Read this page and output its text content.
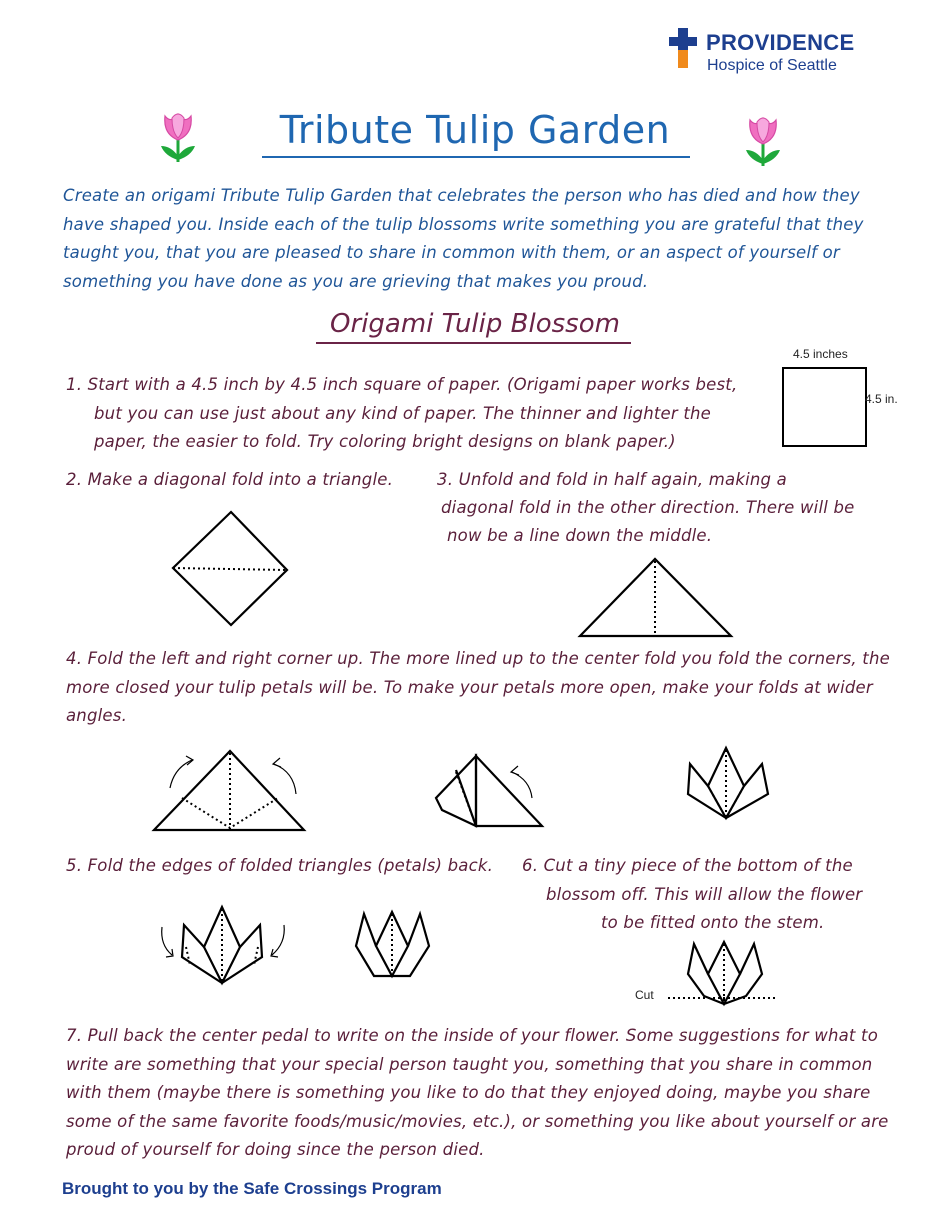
PROVIDENCE
Hospice of Seattle
Tribute Tulip Garden
Create an origami Tribute Tulip Garden that celebrates the person who has died and how they have shaped you. Inside each of the tulip blossoms write something you are grateful that they taught you, that you are pleased to share in common with them, or an aspect of yourself or something you have done as you are grieving that makes you proud.
Origami Tulip Blossom
1. Start with a 4.5 inch by 4.5 inch square of paper. (Origami paper works best,
but you can use just about any kind of paper. The thinner and lighter the
paper, the easier to fold. Try coloring bright designs on blank paper.)
4.5 inches
4.5 in.
2. Make a diagonal fold into a triangle.	3. Unfold and fold in half again, making a
diagonal fold in the other direction. There will be
now be a line down the middle.
4. Fold the left and right corner up. The more lined up to the center fold you fold the corners, the more closed your tulip petals will be. To make your petals more open, make your folds at wider angles.
5. Fold the edges of folded triangles (petals) back. 6. Cut a tiny piece of the bottom of the
blossom off. This will allow the flower
to be fitted onto the stem.
Cut
7. Pull back the center pedal to write on the inside of your flower. Some suggestions for what to write are something that your special person taught you, something that you share in common with them (maybe there is something you like to do that they enjoyed doing, maybe you share some of the same favorite foods/music/movies, etc.), or something you like about yourself or are proud of yourself for doing since the person died.
Brought to you by the Safe Crossings Program
